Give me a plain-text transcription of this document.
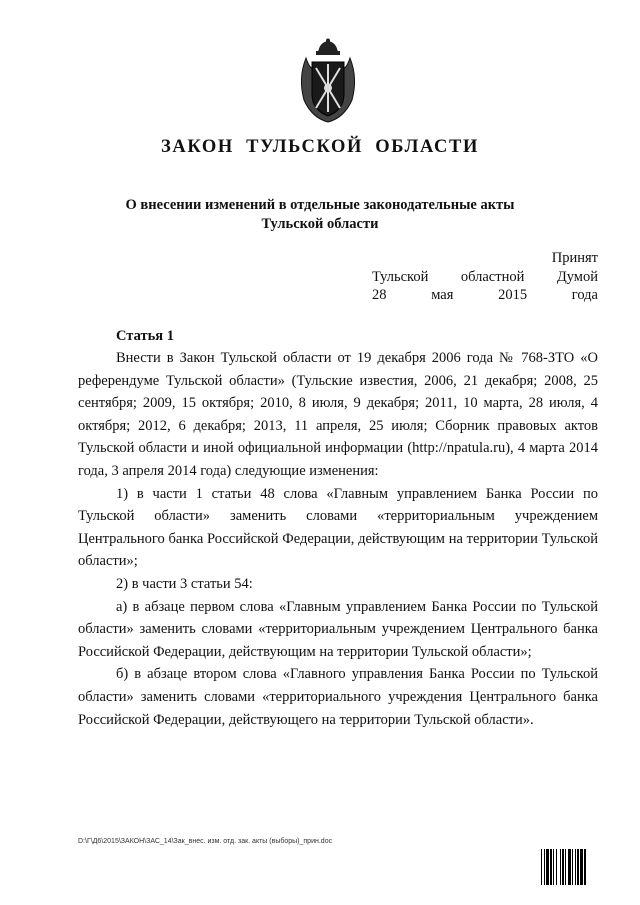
ЗАКОН ТУЛЬСКОЙ ОБЛАСТИ
О внесении изменений в отдельные законодательные акты
Тульской области
Принят
Тульской областной Думой
28	мая	2015	года
Статья 1

Внести в Закон Тульской области от 19 декабря 2006 года № 768-ЗТО «О референдуме Тульской области» (Тульские известия, 2006, 21 декабря; 2008, 25 сентября; 2009, 15 октября; 2010, 8 июля, 9 декабря; 2011, 10 марта, 28 июля, 4 октября; 2012, 6 декабря; 2013, 11 апреля, 25 июля; Сборник правовых актов Тульской области и иной официальной информации (http://npatula.ru), 4 марта 2014 года, 3 апреля 2014 года) следующие изменения:

1) в части 1 статьи 48 слова «Главным управлением Банка России по Тульской области» заменить словами «территориальным учреждением Центрального банка Российской Федерации, действующим на территории Тульской области»;

2) в части 3 статьи 54:

а) в абзаце первом слова «Главным управлением Банка России по Тульской области» заменить словами «территориальным учреждением Центрального банка Российской Федерации, действующим на территории Тульской области»;

б) в абзаце втором слова «Главного управления Банка России по Тульской области» заменить словами «территориального учреждения Центрального банка Российской Федерации, действующего на территории Тульской области».

D:\Г\Д6\2015\ЗАКОН\ЗАС_14\Зак_внес. изм. отд. зак. акты (выборы)_прин.doc
